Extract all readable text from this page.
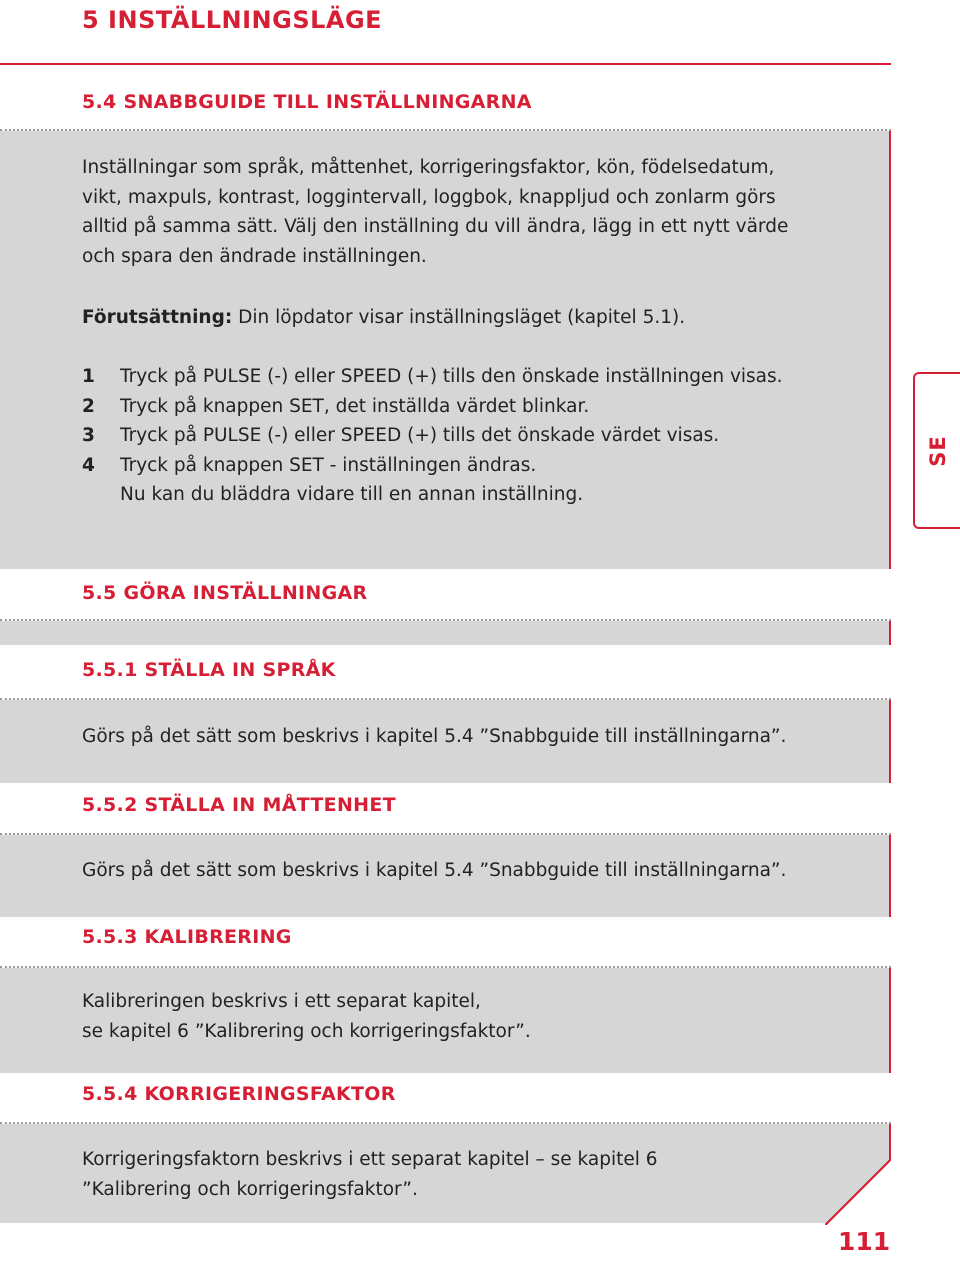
5 INSTÄLLNINGSLÄGE
5.4 SNABBGUIDE TILL INSTÄLLNINGARNA
Inställningar som språk, måttenhet, korrigeringsfaktor, kön, födelsedatum,
vikt, maxpuls, kontrast, loggintervall, loggbok, knappljud och zonlarm görs
alltid på samma sätt. Välj den inställning du vill ändra, lägg in ett nytt värde
och spara den ändrade inställningen.

Förutsättning: Din löpdator visar inställningsläget (kapitel 5.1).

1	Tryck på PULSE (-) eller SPEED (+) tills den önskade inställningen visas.
2	Tryck på knappen SET, det inställda värdet blinkar.
3	Tryck på PULSE (-) eller SPEED (+) tills det önskade värdet visas.
4	Tryck på knappen SET - inställningen ändras.
Nu kan du bläddra vidare till en annan inställning.
5.5 GÖRA INSTÄLLNINGAR
5.5.1 STÄLLA IN SPRÅK

Görs på det sätt som beskrivs i kapitel 5.4 ”Snabbguide till inställningarna”.

5.5.2 STÄLLA IN MÅTTENHET

Görs på det sätt som beskrivs i kapitel 5.4 ”Snabbguide till inställningarna”.

5.5.3 KALIBRERING
Kalibreringen beskrivs i ett separat kapitel,
se kapitel 6 ”Kalibrering och korrigeringsfaktor”.
5.5.4 KORRIGERINGSFAKTOR
Korrigeringsfaktorn beskrivs i ett separat kapitel – se kapitel 6
”Kalibrering och korrigeringsfaktor”.
SE

111
